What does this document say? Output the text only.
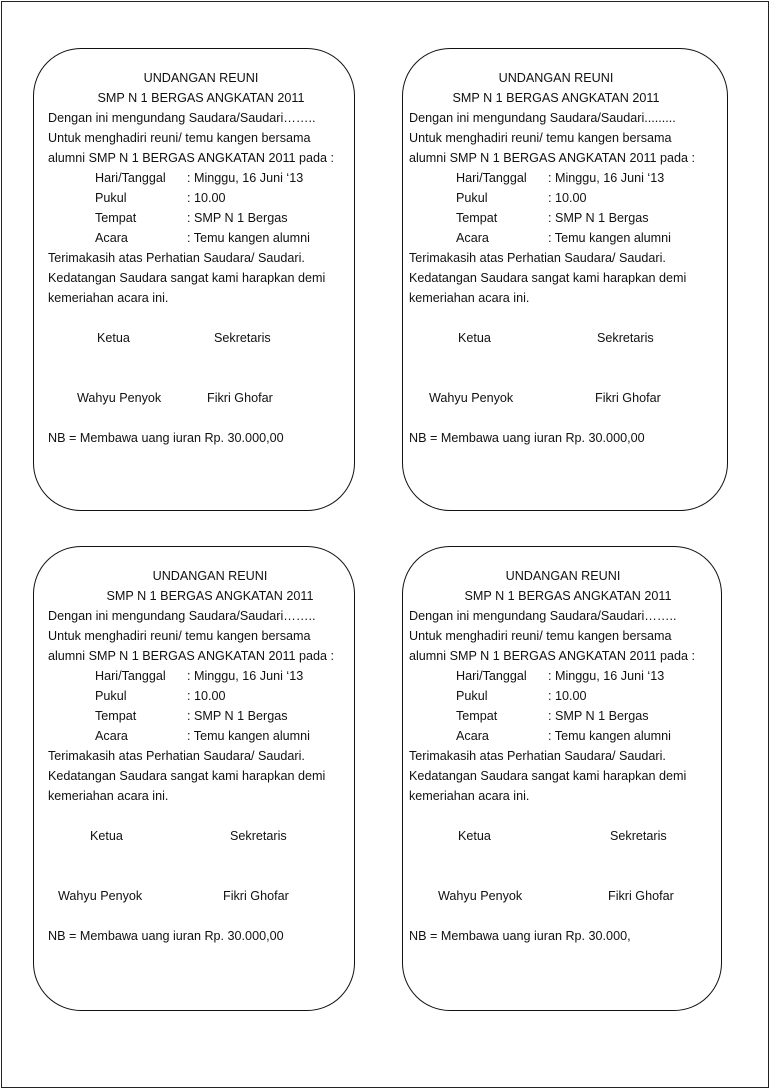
UNDANGAN REUNI
SMP N 1 BERGAS ANGKATAN 2011
Dengan ini mengundang Saudara/Saudari……..
Untuk menghadiri reuni/ temu kangen bersama
alumni SMP N 1 BERGAS ANGKATAN 2011 pada :
Hari/Tanggal : Minggu, 16 Juni ‘13
Pukul	: 10.00
Tempat	: SMP N 1 Bergas
Acara	: Temu kangen alumni
Terimakasih atas Perhatian Saudara/ Saudari.
Kedatangan Saudara sangat kami harapkan demi
kemeriahan acara ini.
Ketua	Sekretaris
Wahyu Penyok	Fikri Ghofar
NB = Membawa uang iuran Rp. 30.000,00
UNDANGAN REUNI
SMP N 1 BERGAS ANGKATAN 2011
Dengan ini mengundang Saudara/Saudari.........
Untuk menghadiri reuni/ temu kangen bersama
alumni SMP N 1 BERGAS ANGKATAN 2011 pada :
Hari/Tanggal : Minggu, 16 Juni ‘13
Pukul	: 10.00
Tempat	: SMP N 1 Bergas
Acara	: Temu kangen alumni
Terimakasih atas Perhatian Saudara/ Saudari.
Kedatangan Saudara sangat kami harapkan demi
kemeriahan acara ini.
Ketua	Sekretaris
Wahyu Penyok	Fikri Ghofar
NB = Membawa uang iuran Rp. 30.000,00
UNDANGAN REUNI
SMP N 1 BERGAS ANGKATAN 2011
Dengan ini mengundang Saudara/Saudari……..
Untuk menghadiri reuni/ temu kangen bersama
alumni SMP N 1 BERGAS ANGKATAN 2011 pada :
Hari/Tanggal : Minggu, 16 Juni ‘13
Pukul	: 10.00
Tempat	: SMP N 1 Bergas
Acara	: Temu kangen alumni
Terimakasih atas Perhatian Saudara/ Saudari.
Kedatangan Saudara sangat kami harapkan demi
kemeriahan acara ini.
Ketua	Sekretaris
Wahyu Penyok	Fikri Ghofar
NB = Membawa uang iuran Rp. 30.000,00
UNDANGAN REUNI
SMP N 1 BERGAS ANGKATAN 2011
Dengan ini mengundang Saudara/Saudari……..
Untuk menghadiri reuni/ temu kangen bersama
alumni SMP N 1 BERGAS ANGKATAN 2011 pada :
Hari/Tanggal : Minggu, 16 Juni ‘13
Pukul	: 10.00
Tempat	: SMP N 1 Bergas
Acara	: Temu kangen alumni
Terimakasih atas Perhatian Saudara/ Saudari.
Kedatangan Saudara sangat kami harapkan demi
kemeriahan acara ini.
Ketua	Sekretaris
Wahyu Penyok	Fikri Ghofar
NB = Membawa uang iuran Rp. 30.000,
